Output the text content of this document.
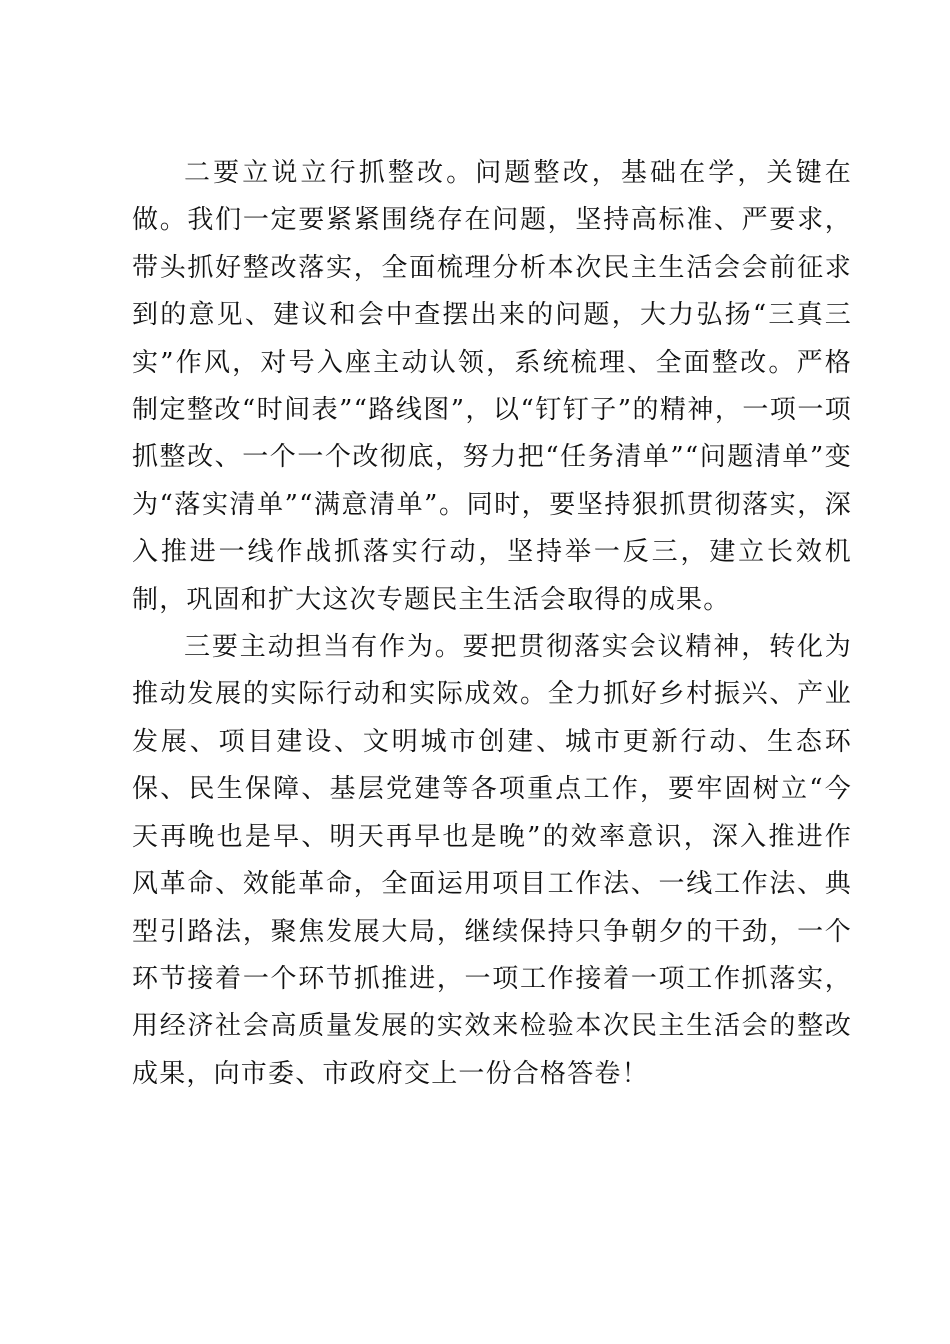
二要立说立行抓整改。问题整改，基础在学，关键在做。我们一定要紧紧围绕存在问题，坚持高标准、严要求，带头抓好整改落实，全面梳理分析本次民主生活会会前征求到的意见、建议和会中查摆出来的问题，大力弘扬“三真三实”作风，对号入座主动认领，系统梳理、全面整改。严格制定整改“时间表”“路线图”，以“钉钉子”的精神，一项一项抓整改、一个一个改彻底，努力把“任务清单”“问题清单”变为“落实清单”“满意清单”。同时，要坚持狠抓贯彻落实，深入推进一线作战抓落实行动，坚持举一反三，建立长效机制，巩固和扩大这次专题民主生活会取得的成果。

三要主动担当有作为。要把贯彻落实会议精神，转化为推动发展的实际行动和实际成效。全力抓好乡村振兴、产业发展、项目建设、文明城市创建、城市更新行动、生态环保、民生保障、基层党建等各项重点工作，要牢固树立“今天再晚也是早、明天再早也是晚”的效率意识，深入推进作风革命、效能革命，全面运用项目工作法、一线工作法、典型引路法，聚焦发展大局，继续保持只争朝夕的干劲，一个环节接着一个环节抓推进，一项工作接着一项工作抓落实，用经济社会高质量发展的实效来检验本次民主生活会的整改成果，向市委、市政府交上一份合格答卷！
